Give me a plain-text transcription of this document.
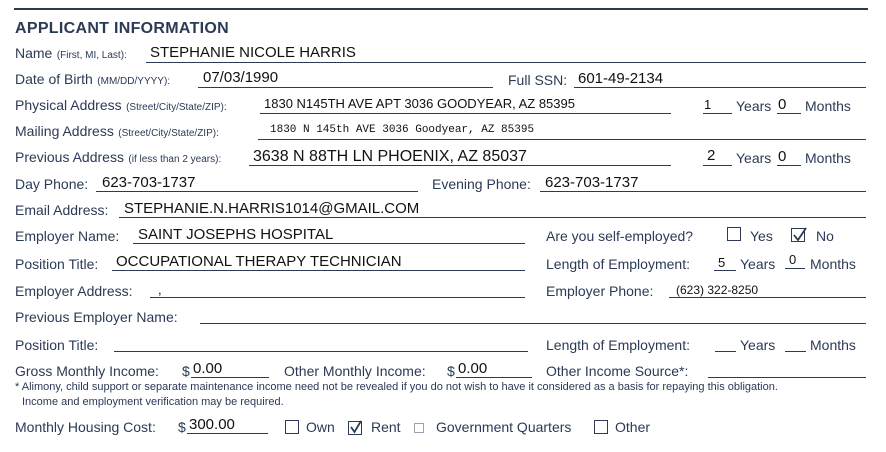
APPLICANT INFORMATION
Name (First, MI, Last): STEPHANIE NICOLE HARRIS
Date of Birth (MM/DD/YYYY): 07/03/1990	Full SSN: 601-49-2134
Physical Address (Street/City/State/ZIP):	1830 N145TH AVE APT 3036 GOODYEAR, AZ 85395	1 Years 0 Months
Mailing Address (Street/City/State/ZIP):	1830 N 145th AVE 3036 Goodyear, AZ 85395
Previous Address (if less than 2 years): 3638 N 88TH LN PHOENIX, AZ 85037	2 Years 0 Months
Day Phone: 623-703-1737	Evening Phone: 623-703-1737
Email Address: STEPHANIE.N.HARRIS1014@GMAIL.COM
Employer Name: SAINT JOSEPHS HOSPITAL	Are you self-employed?	Yes	No
Position Title: OCCUPATIONAL THERAPY TECHNICIAN	Length of Employment: 5 Years 0 Months
Employer Address: ,	Employer Phone: (623) 322-8250
Previous Employer Name:
Position Title:	Length of Employment:	Years Months
Gross Monthly Income: $ 0.00	Other Monthly Income: $ 0.00	Other Income Source*:
* Alimony, child support or separate maintenance income need not be revealed if you do not wish to have it considered as a basis for repaying this obligation.
Income and employment verification may be required.
Monthly Housing Cost: $ 300.00	Own	Rent	Government Quarters	Other
